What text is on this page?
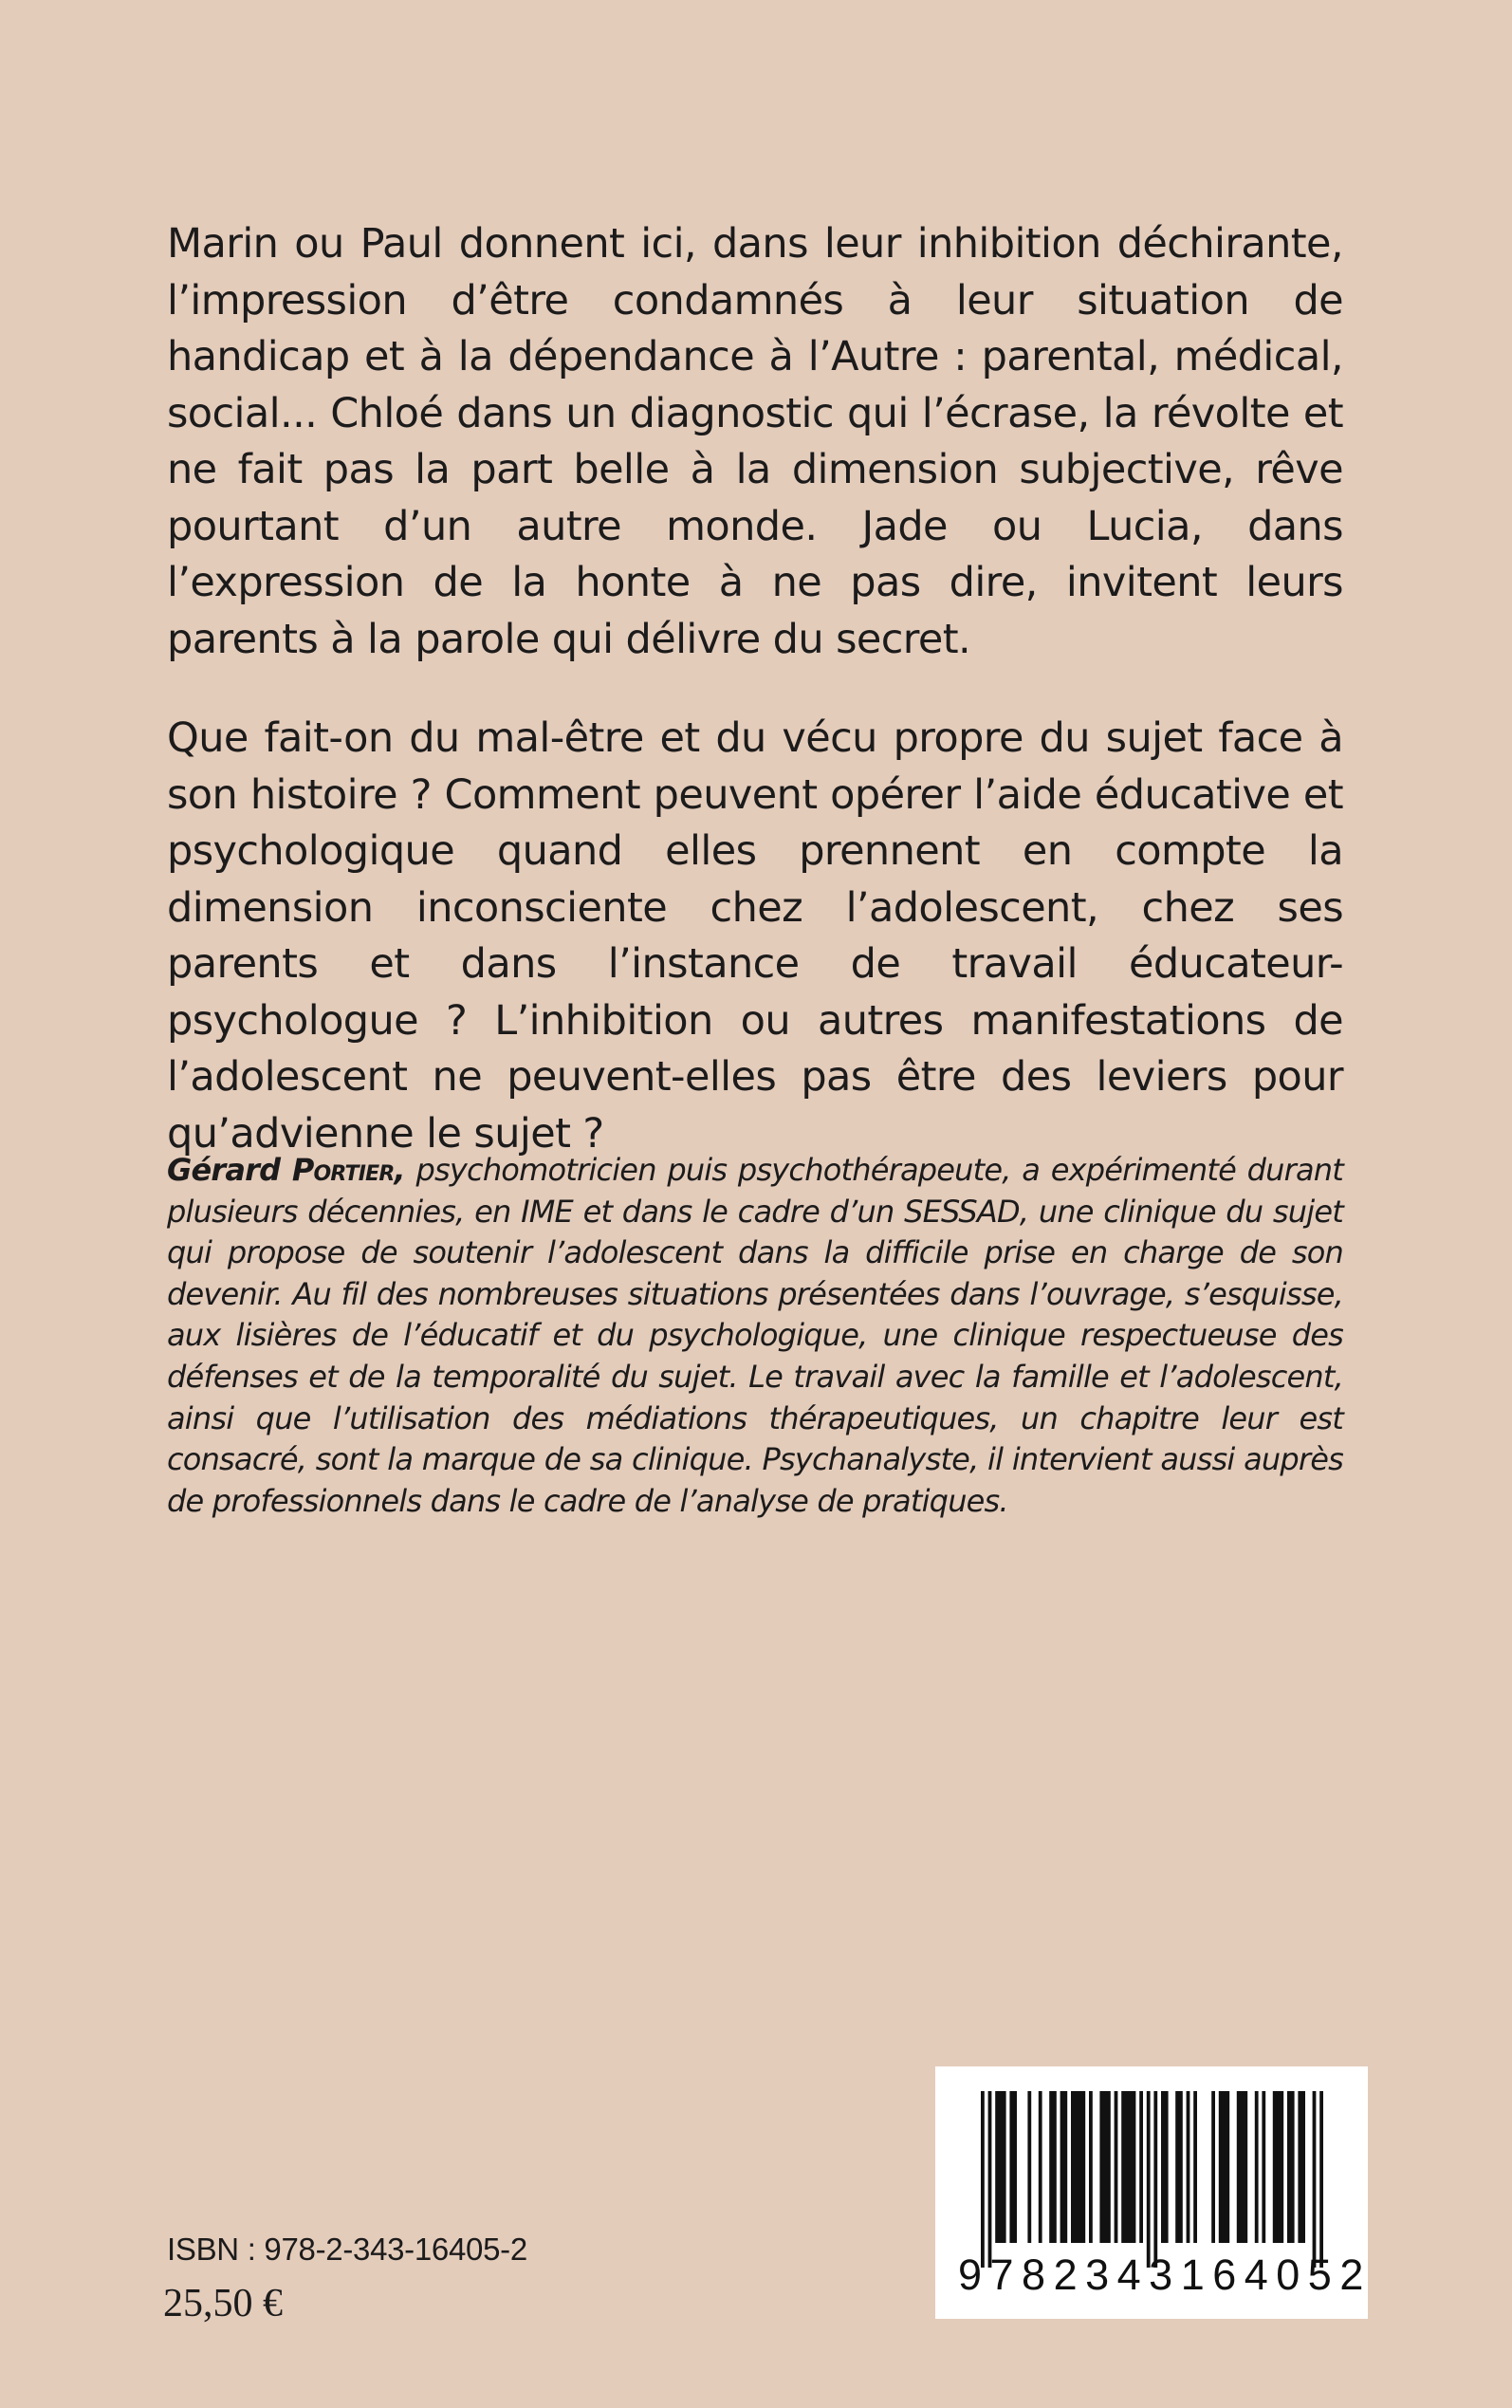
Marin ou Paul donnent ici, dans leur inhibition déchirante, l’impression d’être condamnés à leur situation de handicap et à la dépendance à l’Autre : parental, médical, social... Chloé dans un diagnostic qui l’écrase, la révolte et ne fait pas la part belle à la dimension subjective, rêve pourtant d’un autre monde. Jade ou Lucia, dans l’expression de la honte à ne pas dire, invitent leurs parents à la parole qui délivre du secret.

Que fait-on du mal-être et du vécu propre du sujet face à son histoire ? Comment peuvent opérer l’aide éducative et psychologique quand elles prennent en compte la dimension inconsciente chez l’adolescent, chez ses parents et dans l’instance de travail éducateur-psychologue ? L’inhibition ou autres manifestations de l’adolescent ne peuvent-elles pas être des leviers pour qu’advienne le sujet ?

Gérard Portier, psychomotricien puis psychothérapeute, a expérimenté durant plusieurs décennies, en IME et dans le cadre d’un SESSAD, une clinique du sujet qui propose de soutenir l’adolescent dans la difficile prise en charge de son devenir. Au fil des nombreuses situations présentées dans l’ouvrage, s’esquisse, aux lisières de l’éducatif et du psychologique, une clinique respectueuse des défenses et de la temporalité du sujet. Le travail avec la famille et l’adolescent, ainsi que l’utilisation des médiations thérapeutiques, un chapitre leur est consacré, sont la marque de sa clinique. Psychanalyste, il intervient aussi auprès de professionnels dans le cadre de l’analyse de pratiques.
ISBN : 978-2-343-16405-2
25,50 €
9782343164052
